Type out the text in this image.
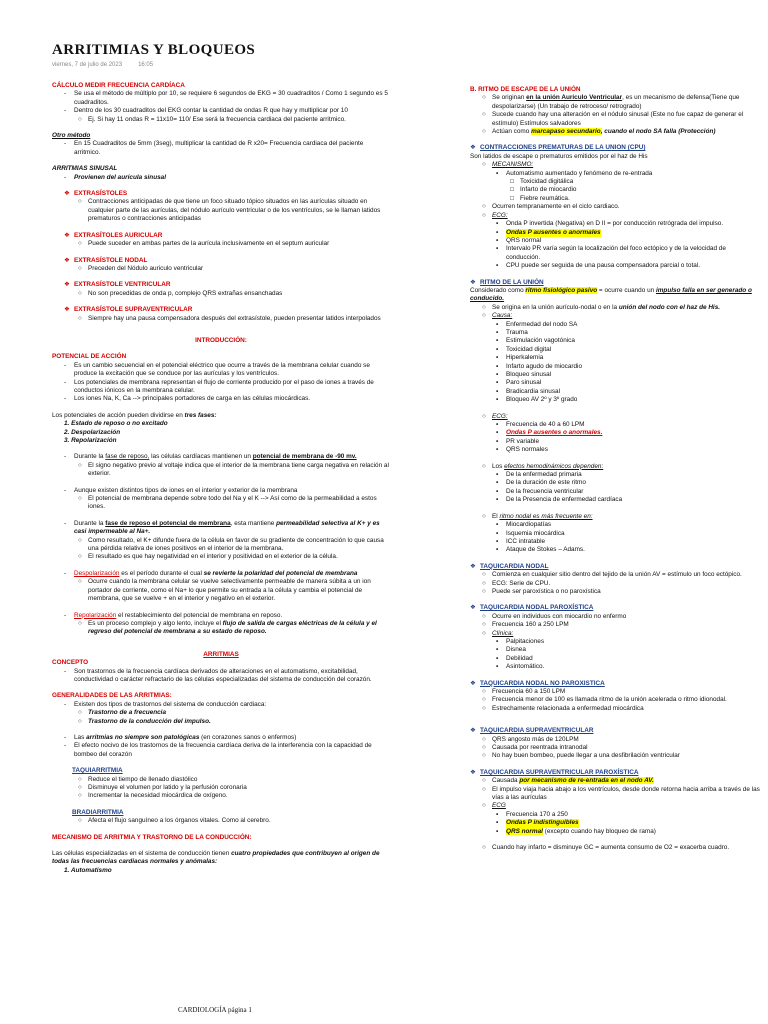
ARRITIMIAS Y BLOQUEOS
viernes, 7 de julio de 2023	16:05
CÁLCULO MEDIR FRECUENCIA CARDÍACA
-	Se usa el método de múltiplo por 10, se requiere 6 segundos de EKG = 30 cuadraditos / Como 1 segundo es 5 cuadraditos.
-	Dentro de los 30 cuadraditos del EKG contar la cantidad de ondas R que hay y multiplicar por 10
○ Ej. Si hay 11 ondas R = 11x10= 110/ Ese será la frecuencia cardiaca del paciente arritmico.
Otro método
-	En 15 Cuadraditos de 5mm (3seg), multiplicar la cantidad de R x20= Frecuencia cardiaca del paciente arritmico.
ARRITMIAS SINUSAL
-	Provienen del aurícula sinusal
❖ EXTRASÍSTOLES
○ Contracciones anticipadas de que tiene un foco situado tópico situados en las aurículas situado en cualquier parte de las aurículas, del nódulo aurículo ventricular o de los ventrículos, se le llaman latidos prematuros o contracciones anticipadas
❖ EXTRASÍTOLES AURICULAR
○ Puede suceder en ambas partes de la aurícula inclusivamente en el septum auricular
❖ EXTRASÍSTOLE NODAL
○ Preceden del Nódulo auriculo ventricular
❖ EXTRASÍSTOLE VENTRICULAR
○ No son precedidas de onda p, complejo QRS extrañas ensanchadas
❖ EXTRASÍSTOLE SUPRAVENTRICULAR
○ Siempre hay una pausa compensadora después del extrasístole, pueden presentar latidos interpolados
INTRODUCCIÓN:
POTENCIAL DE ACCIÓN
-	Es un cambio secuencial en el potencial eléctrico que ocurre a través de la membrana celular cuando se produce la excitación que se conduce por las aurículas y los ventrículos.
-	Los potenciales de membrana representan el flujo de corriente producido por el paso de iones a través de conductos iónicos en la membrana celular.
-	Los iones Na, K, Ca --> principales portadores de carga en las células miocárdicas.
Los potenciales de acción pueden dividirse en tres fases:
1. Estado de reposo o no excitado
2. Despolarización
3. Repolarización
-	Durante la fase de reposo, las células cardíacas mantienen un potencial de membrana de -90 mv.
○ El signo negativo previo al voltaje indica que el interior de la membrana tiene carga negativa en relación al exterior.
-	Aunque existen distintos tipos de iones en el interior y exterior de la membrana
○ El potencial de membrana depende sobre todo del Na y el K --> Así como de la permeabilidad a estos iones.
-	Durante la fase de reposo el potencial de membrana, esta mantiene permeabilidad selectiva al K+ y es casi impermeable al Na+.
○ Como resultado, el K+ difunde fuera de la célula en favor de su gradiente de concentración lo que causa una pérdida relativa de iones positivos en el interior de la membrana.
○ El resultado es que hay negatividad en el interior y positividad en el exterior de la célula.
-	Despolarización es el período durante el cual se revierte la polaridad del potencial de membrana
○ Ocurre cuando la membrana celular se vuelve selectivamente permeable de manera súbita a un ion portador de corriente, como el Na+ lo que permite su entrada a la célula y cambia el potencial de membrana, que se vuelve + en el interior y negativo en el exterior.
-	Repolarización el restablecimiento del potencial de membrana en reposo.
○ Es un proceso complejo y algo lento, incluye el flujo de salida de cargas eléctricas de la célula y el regreso del potencial de membrana a su estado de reposo.
ARRITMIAS
CONCEPTO
-	Son trastornos de la frecuencia cardíaca derivados de alteraciones en el automatismo, excitabilidad, conductividad o carácter refractario de las células especializadas del sistema de conducción del corazón.
GENERALIDADES DE LAS ARRITMIAS:
-	Existen dos tipos de trastornos del sistema de conducción cardiaca:
○ Trastorno de a frecuencia
○ Trastorno de la conducción del impulso.
-	Las arritmias no siempre son patológicas (en corazones sanos o enfermos)
-	El efecto nocivo de los trastornos de la frecuencia cardíaca deriva de la interferencia con la capacidad de bombeo del corazón
TAQUIARRITMIA
○ Reduce el tiempo de llenado diastólico
○ Disminuye el volumen por latido y la perfusión coronaria
○ Incrementar la necesidad miocárdica de oxígeno.
BRADIARRITMIA
○ Afecta el flujo sanguíneo a los órganos vitales. Como al cerebro.
MECANISMO DE ARRITMIA Y TRASTORNO DE LA CONDUCCIÓN:
Las células especializadas en el sistema de conducción tienen cuatro propiedades que contribuyen al origen de todas las frecuencias cardiacas normales y anómalas:
1. Automatismo
B. RITMO DE ESCAPE DE LA UNIÓN
○ Se originan en la unión Aurículo Ventricular, es un mecanismo de defensa(Tiene que despolarizarse) (Un trabajo de retroceso/ retrogrado)
○ Sucede cuando hay una alteración en el nódulo sinusal (Este no fue capaz de generar el estímulo) Estímulos salvadores
○ Actúan como marcapaso secundario, cuando el nodo SA falla (Protección)
❖ CONTRACCIONES PREMATURAS DE LA UNION (CPU)
Son latidos de escape o prematuros emitidos por el haz de His
○ MECANISMO:
▪	Automatismo aumentado y fenómeno de re-entrada
□ Toxicidad digitálica
□ Infarto de miocardio
□ Fiebre reumática.
○ Ocurren tempranamente en el ciclo cardiaco.
○ ECG:
▪	Onda P invertida (Negativa) en D II = por conducción retrógrada del impulso.
▪	Ondas P ausentes o anormales
▪	QRS normal
▪	Intervalo PR varía según la localización del foco ectópico y de la velocidad de conducción.
▪	CPU puede ser seguida de una pausa compensadora parcial o total.
❖ RITMO DE LA UNIÓN
Considerado como ritmo fisiológico pasivo = ocurre cuando un impulso falla en ser generado o conducido.
○ Se origina en la unión aurículo-nodal o en la unión del nodo con el haz de His.
○ Causa:
▪	Enfermedad del nodo SA
▪	Trauma
▪	Estimulación vagotónica
▪	Toxicidad digital
▪	Hiperkalemia
▪	Infarto agudo de miocardio
▪	Bloqueo sinusal
▪	Paro sinusal
▪	Bradicardia sinusal
▪	Bloqueo AV 2º y 3º grado
○ ECG:
▪	Frecuencia de 40 a 60 LPM
▪	Ondas P ausentes o anormales.
▪	PR variable
▪	QRS normales
○ Los efectos hemodinámicos dependen:
▪	De la enfermedad primaria
▪	De la duración de este ritmo
▪	De la frecuencia ventricular
▪	De la Presencia de enfermedad cardíaca
○ El ritmo nodal es más frecuente en:
▪	Miocardiopatías
▪	Isquemia miocárdica
▪	ICC intratable
▪	Ataque de Stokes – Adams.
❖ TAQUICARDIA NODAL
○ Comienza en cualquier sitio dentro del tejido de la unión AV = estímulo un foco ectópico.
○ ECG: Serie de CPU.
○ Puede ser paroxística o no paroxística
❖ TAQUICARDIA NODAL PAROXÍSTICA
○ Ocurre en individuos con miocardio no enfermo
○ Frecuencia 160 a 250 LPM
○ Clínica:
▪	Palpitaciones
▪	Disnea
▪	Debilidad
▪	Asintomático.
❖ TAQUICARDIA NODAL NO PAROXISTICA
○ Frecuencia 60 a 150 LPM
○ Frecuencia menor de 100 es llamada ritmo de la unión acelerada o ritmo idionodal.
○ Estrechamente relacionada a enfermedad miocárdica
❖ TAQUICARDIA SUPRAVENTRICULAR
○ QRS angosto más de 120LPM
○ Causada por reentrada intranodal
○ No hay buen bombeo, puede llegar a una desfibrilación ventricular
❖ TAQUICARDIA SUPRAVENTRICULAR PAROXÍSTICA
○ Causada por mecanismo de re-entrada en el nodo AV.
○ El impulso viaja hacia abajo a los ventrículos, desde donde retorna hacia arriba a través de las vías a las aurículas
○ ECG
▪	Frecuencia 170 a 250
▪	Ondas P indistinguibles
▪	QRS normal (excepto cuando hay bloqueo de rama)
○ Cuando hay infarto = disminuye GC = aumenta consumo de O2 = exacerba cuadro.
CARDIOLOGÍA página 1
